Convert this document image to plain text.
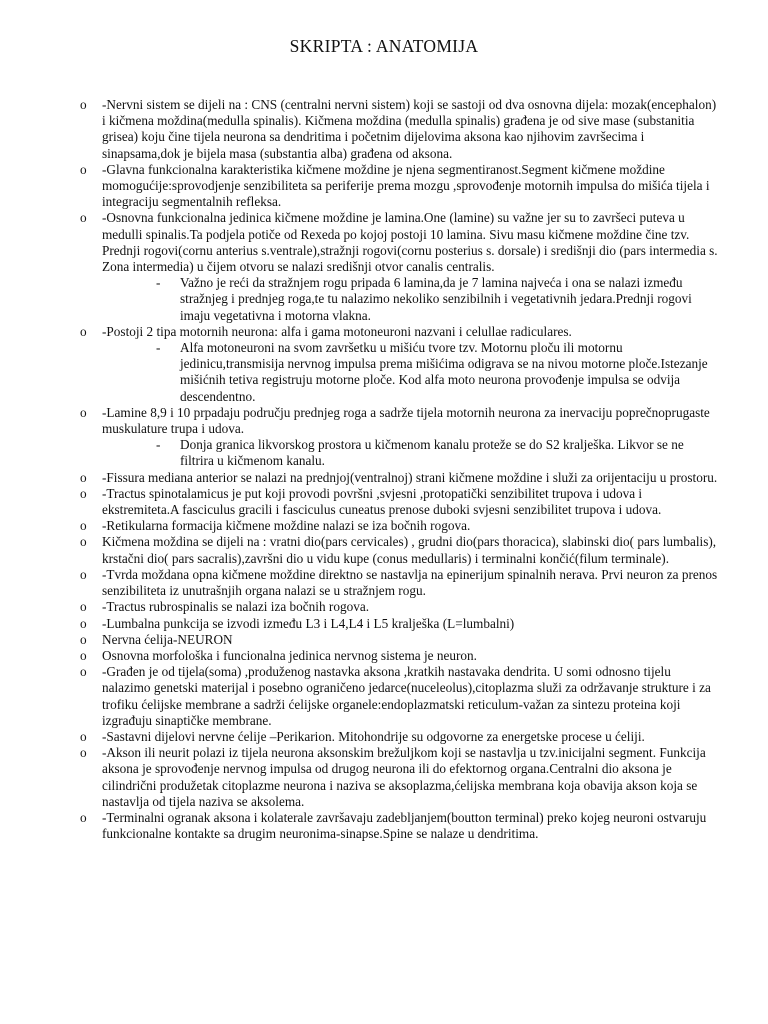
SKRIPTA : ANATOMIJA
o -Nervni sistem se dijeli na : CNS (centralni nervni sistem) koji se sastoji od dva osnovna dijela: mozak(encephalon) i kičmena moždina(medulla spinalis). Kičmena moždina (medulla spinalis) građena je od sive mase (substanitia grisea) koju čine tijela neurona sa dendritima i početnim dijelovima aksona kao njihovim završecima i sinapsama,dok je bijela masa (substantia alba) građena od aksona.
o -Glavna funkcionalna karakteristika kičmene moždine je njena segmentiranost.Segment kičmene moždine momogućije:sprovodjenje senzibiliteta sa periferije prema mozgu ,sprovođenje motornih impulsa do mišića tijela i integraciju segmentalnih refleksa.
o -Osnovna funkcionalna jedinica kičmene moždine je lamina.One (lamine) su važne jer su to završeci puteva u medulli spinalis.Ta podjela potiče od Rexeda po kojoj postoji 10 lamina. Sivu masu kičmene moždine čine tzv. Prednji rogovi(cornu anterius s.ventrale),stražnji rogovi(cornu posterius s. dorsale) i središnji dio (pars intermedia s. Zona intermedia) u čijem otvoru se nalazi središnji otvor canalis centralis.
- Važno je reći da stražnjem rogu pripada 6 lamina,da je 7 lamina najveća i ona se nalazi između stražnjeg i prednjeg roga,te tu nalazimo nekoliko senzibilnih i vegetativnih jedara.Prednji rogovi imaju vegetativna i motorna vlakna.
o -Postoji 2 tipa motornih neurona: alfa i gama motoneuroni nazvani i celullae radiculares.
- Alfa motoneuroni na svom završetku u mišiću tvore tzv. Motornu ploču ili motornu jedinicu,transmisija nervnog impulsa prema mišićima odigrava se na nivou motorne ploče.Istezanje mišićnih tetiva registruju motorne ploče. Kod alfa moto neurona provođenje impulsa se odvija descendentno.
o -Lamine 8,9 i 10 prpadaju području prednjeg roga a sadrže tijela motornih neurona za inervaciju poprečnoprugaste muskulature trupa i udova.
- Donja granica likvorskog prostora u kičmenom kanalu proteže se do S2 kralješka. Likvor se ne filtrira u kičmenom kanalu.
o -Fissura mediana anterior se nalazi na prednjoj(ventralnoj) strani kičmene moždine i služi za orijentaciju u prostoru.
o -Tractus spinotalamicus je put koji provodi površni ,svjesni ,protopatički senzibilitet trupova i udova i ekstremiteta.A fasciculus gracili i fasciculus cuneatus prenose duboki svjesni senzibilitet trupova i udova.
o -Retikularna formacija kičmene moždine nalazi se iza bočnih rogova.
o Kičmena moždina se dijeli na : vratni dio(pars cervicales) , grudni dio(pars thoracica), slabinski dio( pars lumbalis), krstačni dio( pars sacralis),završni dio u vidu kupe (conus medullaris) i terminalni končić(filum terminale).
o -Tvrda moždana opna kičmene moždine direktno se nastavlja na epinerijum spinalnih nerava. Prvi neuron za prenos senzibiliteta iz unutrašnjih organa nalazi se u stražnjem rogu.
o -Tractus rubrospinalis se nalazi iza bočnih rogova.
o -Lumbalna punkcija se izvodi između L3 i L4,L4 i L5 kralješka (L=lumbalni)
o Nervna ćelija-NEURON
o Osnovna morfološka i funcionalna jedinica nervnog sistema je neuron.
o -Građen je od tijela(soma) ,produženog nastavka aksona ,kratkih nastavaka dendrita. U somi odnosno tijelu nalazimo genetski materijal i posebno ograničeno jedarce(nuceleolus),citoplazma služi za održavanje strukture i za trofiku ćelijske membrane a sadrži ćelijske organele:endoplazmatski reticulum-važan za sintezu proteina koji izgrađuju sinaptičke membrane.
o -Sastavni dijelovi nervne ćelije –Perikarion. Mitohondrije su odgovorne za energetske procese u ćeliji.
o -Akson ili neurit polazi iz tijela neurona aksonskim brežuljkom koji se nastavlja u tzv.inicijalni segment. Funkcija aksona je sprovođenje nervnog impulsa od drugog neurona ili do efektornog organa.Centralni dio aksona je cilindrični produžetak citoplazme neurona i naziva se aksoplazma,ćelijska membrana koja obavija akson koja se nastavlja od tijela naziva se aksolema.
o -Terminalni ogranak aksona i kolaterale završavaju zadebljanjem(boutton terminal) preko kojeg neuroni ostvaruju funkcionalne kontakte sa drugim neuronima-sinapse.Spine se nalaze u dendritima.
